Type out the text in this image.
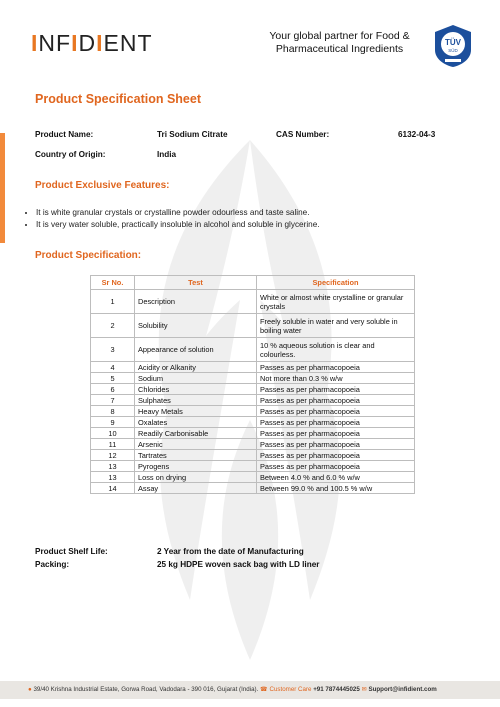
INFIDIENT	Your global partner for Food &
Pharmaceutical Ingredients
TÜV
SÜD
Product Specification Sheet
Product Name:	Tri Sodium Citrate	CAS Number:	6132-04-3
Country of Origin:	India
Product Exclusive Features:
• It is white granular crystals or crystalline powder odourless and taste saline.
• It is very water soluble, practically insoluble in alcohol and soluble in glycerine.
Product Specification:
Sr No.	Test	Specification
1	Description	White or almost white crystalline or granular crystals
2	Solubility	Freely soluble in water and very soluble in boiling water
3	Appearance of solution	10 % aqueous solution is clear and colourless.
4	Acidity or Alkanity	Passes as per pharmacopoeia
5	Sodium	Not more than 0.3 % w/w
6	Chlorides	Passes as per pharmacopoeia
7	Sulphates	Passes as per pharmacopoeia
8	Heavy Metals	Passes as per pharmacopoeia
9	Oxalates	Passes as per pharmacopoeia
10	Readily Carbonisable	Passes as per pharmacopoeia
11	Arsenic	Passes as per pharmacopoeia
12	Tartrates	Passes as per pharmacopoeia
13	Pyrogens	Passes as per pharmacopoeia
13	Loss on drying	Between 4.0 % and 6.0 % w/w
14	Assay	Between 99.0 % and 100.5 % w/w
Product Shelf Life:	2 Year from the date of Manufacturing
Packing:	25 kg HDPE woven sack bag with LD liner
● 39/40 Krishna Industrial Estate, Gorwa Road, Vadodara - 390 016, Gujarat (India). ☎ Customer Care +91 7874445025 ✉ Support@infidient.com
